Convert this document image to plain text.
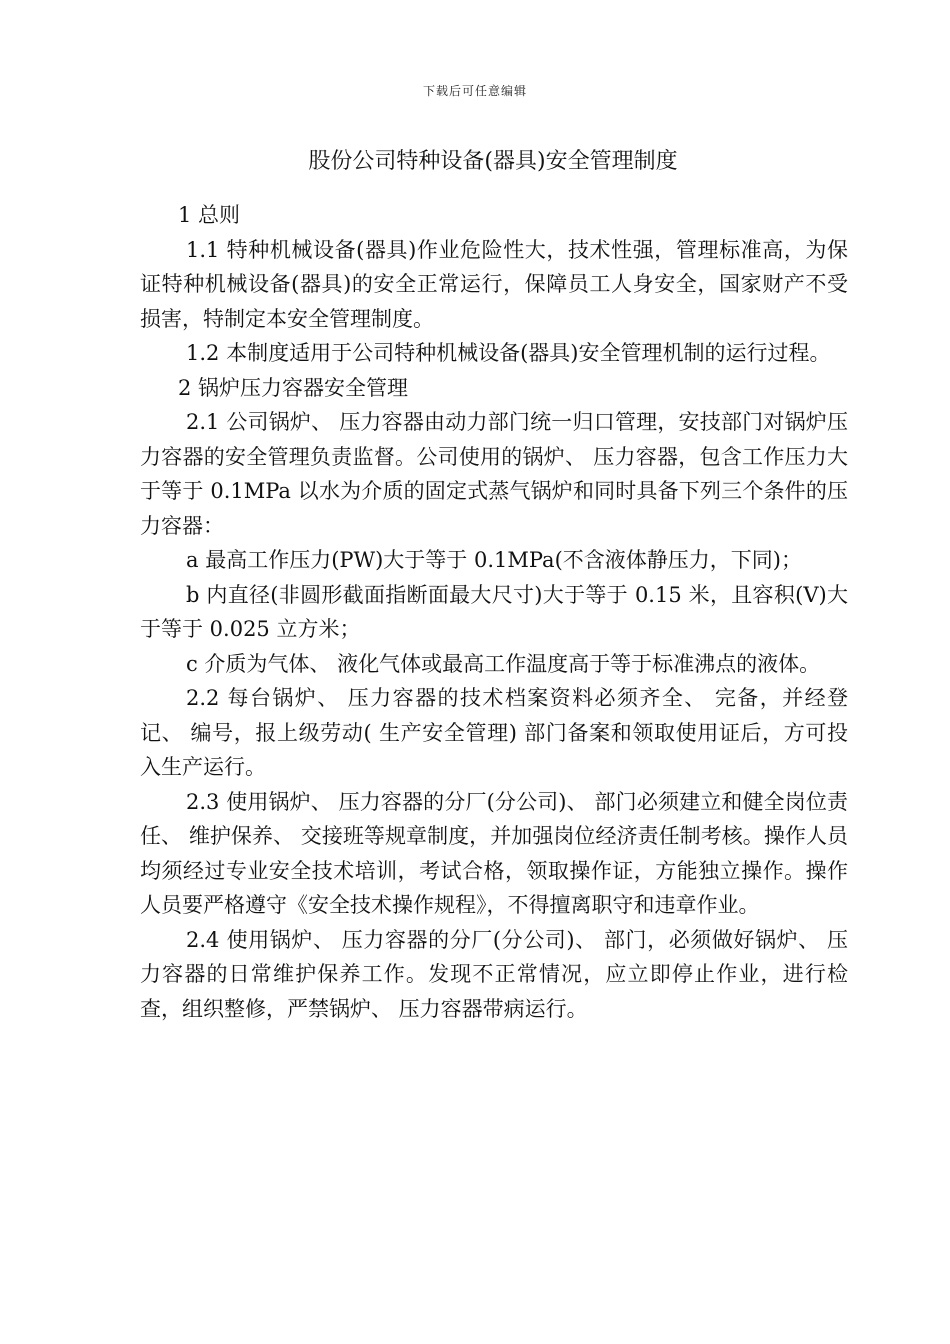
下载后可任意编辑
股份公司特种设备(器具)安全管理制度

1 总则

1.1 特种机械设备(器具)作业危险性大，技术性强，管理标准高，为保证特种机械设备(器具)的安全正常运行，保障员工人身安全，国家财产不受损害，特制定本安全管理制度。

1.2 本制度适用于公司特种机械设备(器具)安全管理机制的运行过程。

2 锅炉压力容器安全管理

2.1 公司锅炉、 压力容器由动力部门统一归口管理，安技部门对锅炉压力容器的安全管理负责监督。公司使用的锅炉、 压力容器，包含工作压力大于等于 0.1MPa 以水为介质的固定式蒸气锅炉和同时具备下列三个条件的压力容器：

a 最高工作压力(PW)大于等于 0.1MPa(不含液体静压力，下同)；

b 内直径(非圆形截面指断面最大尺寸)大于等于 0.15 米，且容积(V)大于等于 0.025 立方米；

c 介质为气体、 液化气体或最高工作温度高于等于标准沸点的液体。

2.2 每台锅炉、 压力容器的技术档案资料必须齐全、 完备，并经登记、 编号，报上级劳动( 生产安全管理) 部门备案和领取使用证后，方可投入生产运行。

2.3 使用锅炉、 压力容器的分厂(分公司)、 部门必须建立和健全岗位责任、 维护保养、 交接班等规章制度，并加强岗位经济责任制考核。操作人员均须经过专业安全技术培训，考试合格，领取操作证，方能独立操作。操作人员要严格遵守《安全技术操作规程》，不得擅离职守和违章作业。

2.4 使用锅炉、 压力容器的分厂(分公司)、 部门，必须做好锅炉、 压力容器的日常维护保养工作。发现不正常情况，应立即停止作业，进行检查，组织整修，严禁锅炉、 压力容器带病运行。
